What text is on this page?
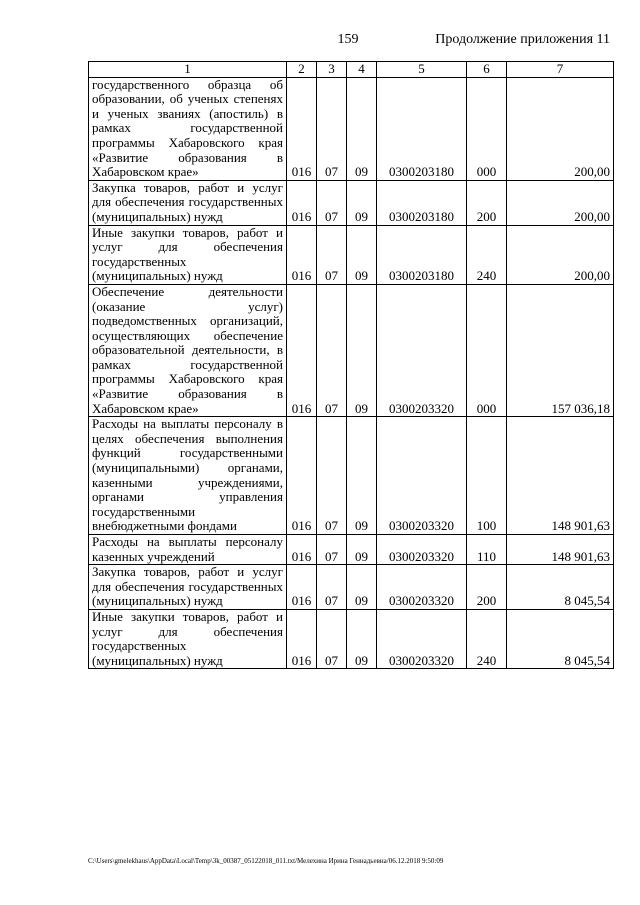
159	Продолжение приложения 11
1	2	3	4	5	6	7
государственного образца об образовании, об ученых степенях и ученых званиях (апостиль) в рамках государственной программы Хабаровского края «Развитие образования в Хабаровском крае»	016	07	09	0300203180	000	200,00
Закупка товаров, работ и услуг для обеспечения государственных (муниципальных) нужд	016	07	09	0300203180	200	200,00
Иные закупки товаров, работ и услуг для обеспечения государственных (муниципальных) нужд	016	07	09	0300203180	240	200,00
Обеспечение деятельности (оказание услуг) подведомственных организаций, осуществляющих обеспечение образовательной деятельности, в рамках государственной программы Хабаровского края «Развитие образования в Хабаровском крае»	016	07	09	0300203320	000	157 036,18
Расходы на выплаты персоналу в целях обеспечения выполнения функций государственными (муниципальными) органами, казенными учреждениями, органами управления государственными внебюджетными фондами	016	07	09	0300203320	100	148 901,63
Расходы на выплаты персоналу казенных учреждений	016	07	09	0300203320	110	148 901,63
Закупка товаров, работ и услуг для обеспечения государственных (муниципальных) нужд	016	07	09	0300203320	200	8 045,54
Иные закупки товаров, работ и услуг для обеспечения государственных (муниципальных) нужд	016	07	09	0300203320	240	8 045,54
C:\Users\gmelekhaus\AppData\Local\Temp\3k_00387_05122018_011.txt/Мелехина Ирина Геннадьевна/06.12.2018 9:50:09
